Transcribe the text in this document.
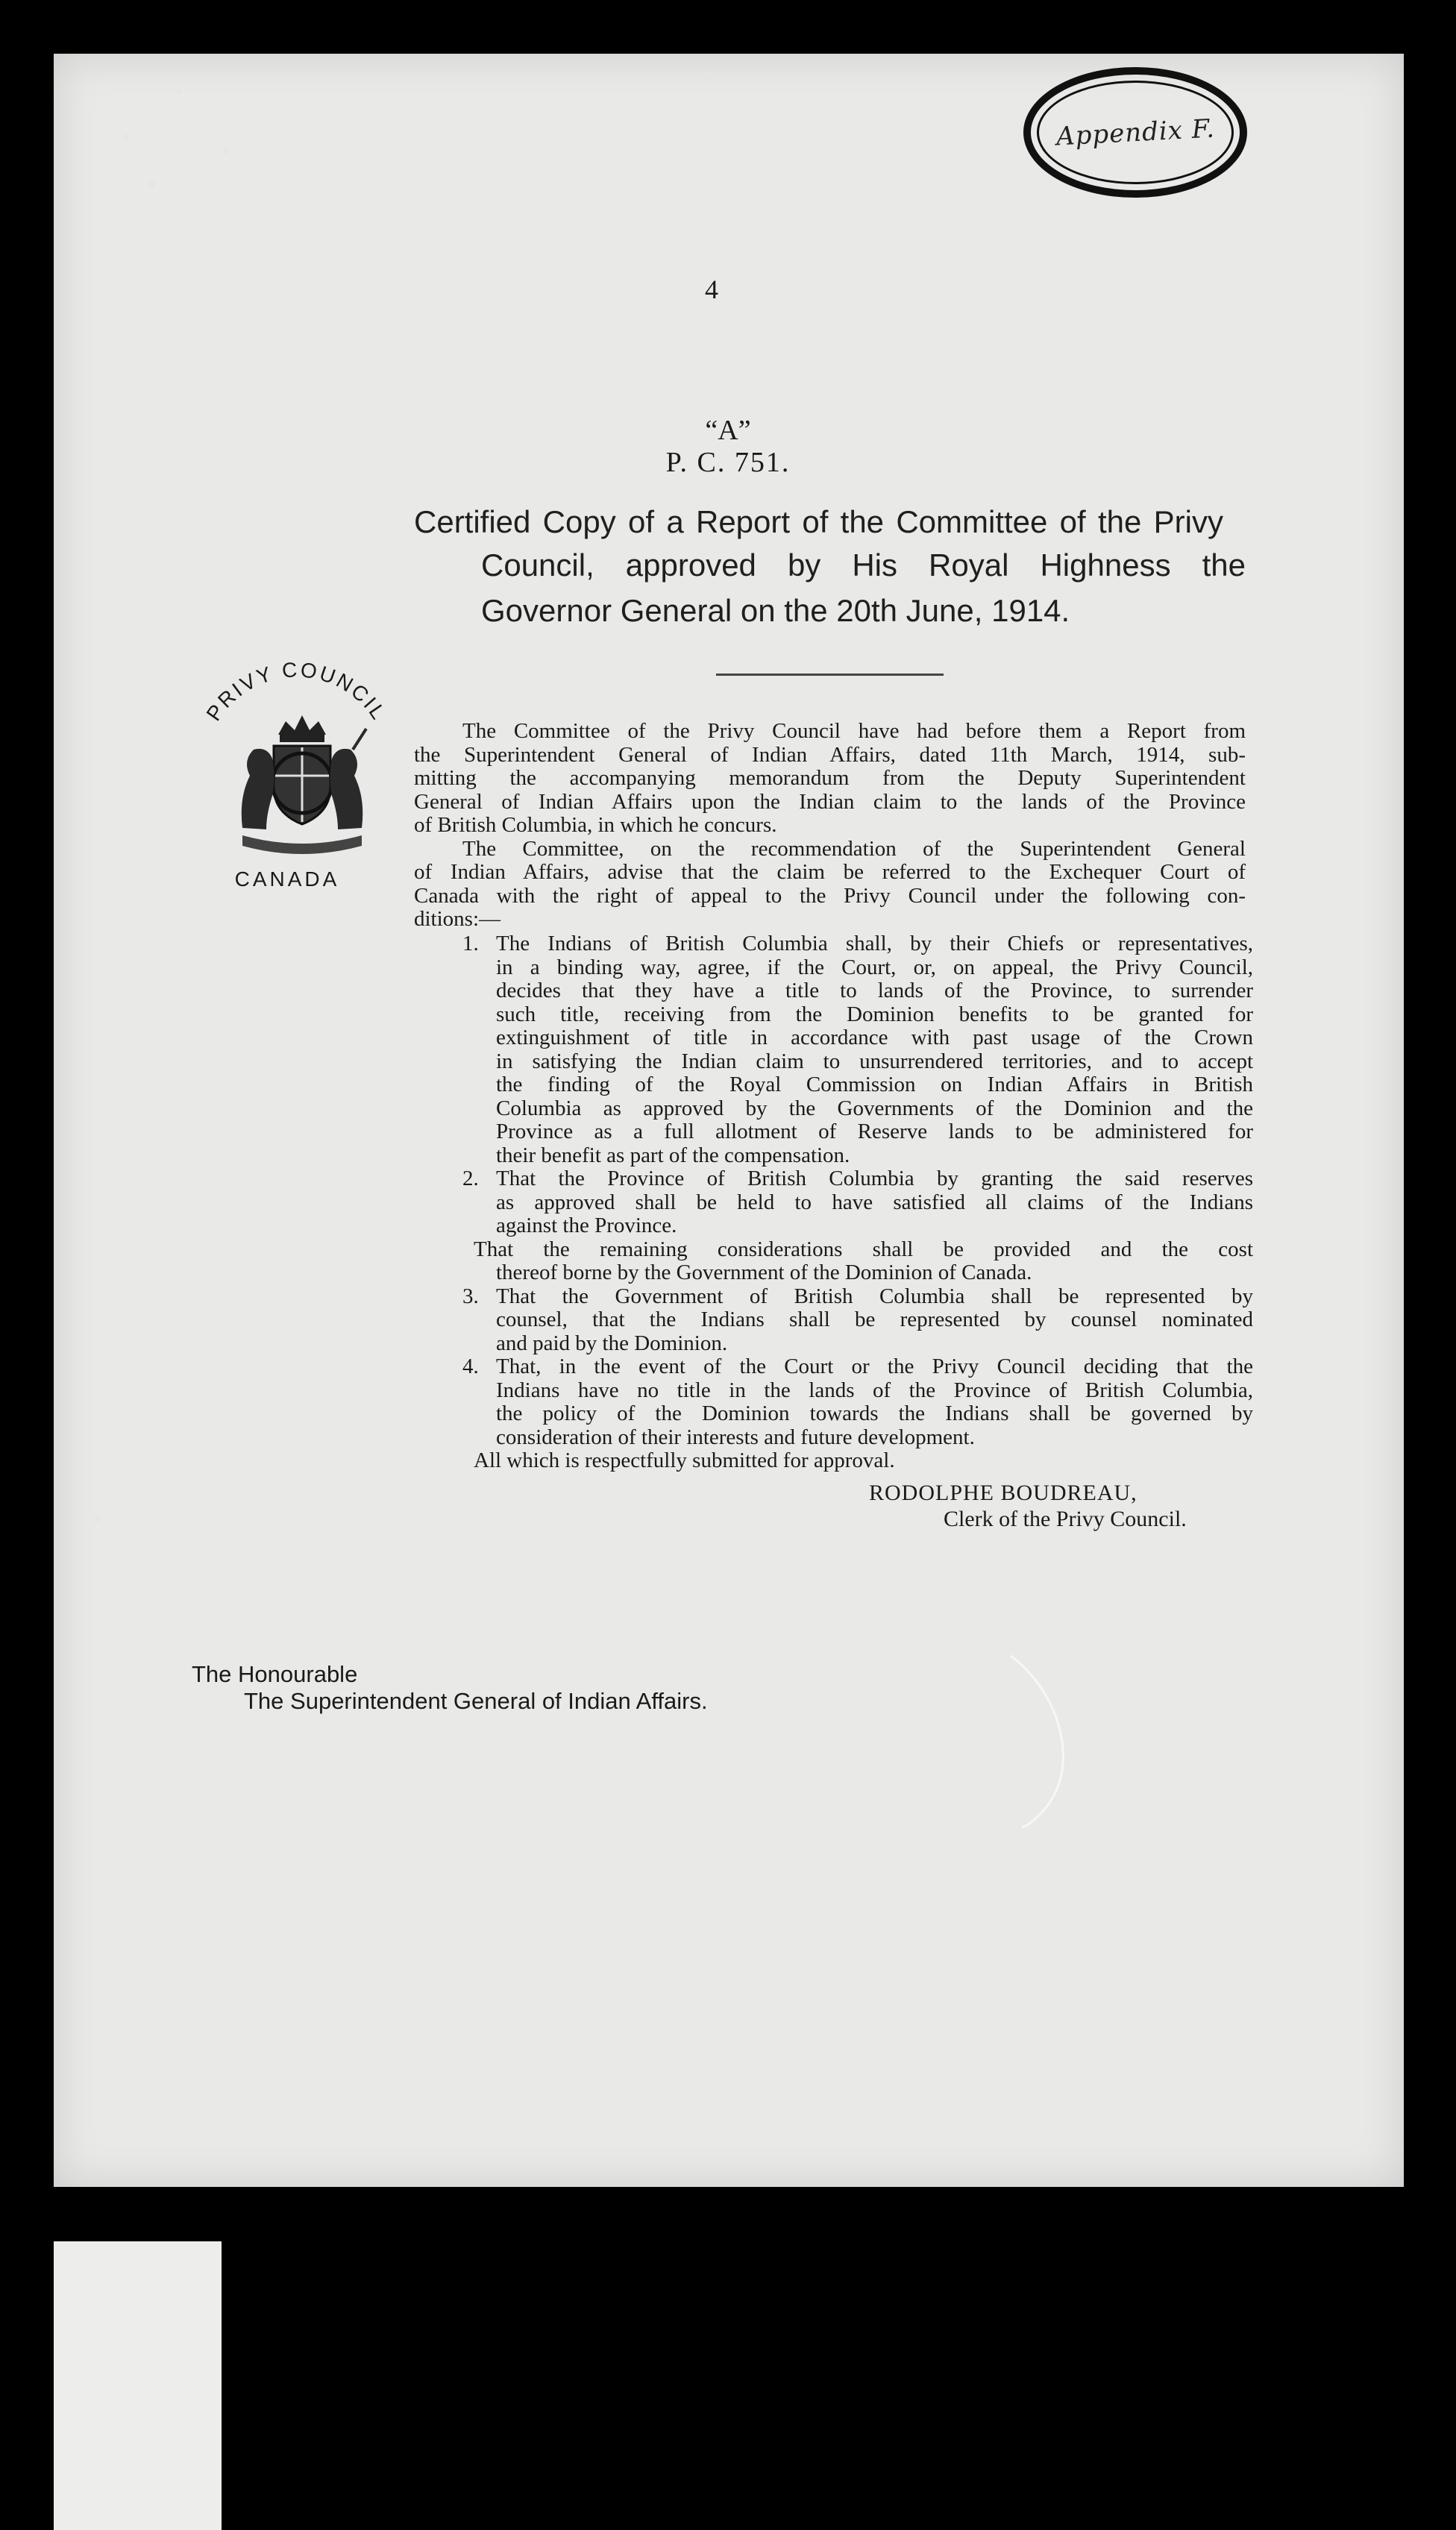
Appendix F.
4
“A”
P. C. 751.
Certified Copy of a Report of the Committee of the Privy
Council, approved by His Royal Highness the
Governor General on the 20th June, 1914.
PRIVY COUNCIL
CANADA
The Committee of the Privy Council have had before them a Report from
the Superintendent General of Indian Affairs, dated 11th March, 1914, sub-
mitting the accompanying memorandum from the Deputy Superintendent
General of Indian Affairs upon the Indian claim to the lands of the Province
of British Columbia, in which he concurs.
The Committee, on the recommendation of the Superintendent General
of Indian Affairs, advise that the claim be referred to the Exchequer Court of
Canada with the right of appeal to the Privy Council under the following con-
ditions:—
1. The Indians of British Columbia shall, by their Chiefs or representatives,
in a binding way, agree, if the Court, or, on appeal, the Privy Council,
decides that they have a title to lands of the Province, to surrender
such title, receiving from the Dominion benefits to be granted for
extinguishment of title in accordance with past usage of the Crown
in satisfying the Indian claim to unsurrendered territories, and to accept
the finding of the Royal Commission on Indian Affairs in British
Columbia as approved by the Governments of the Dominion and the
Province as a full allotment of Reserve lands to be administered for
their benefit as part of the compensation.
2. That the Province of British Columbia by granting the said reserves
as approved shall be held to have satisfied all claims of the Indians
against the Province.
That the remaining considerations shall be provided and the cost
thereof borne by the Government of the Dominion of Canada.
3. That the Government of British Columbia shall be represented by
counsel, that the Indians shall be represented by counsel nominated
and paid by the Dominion.
4. That, in the event of the Court or the Privy Council deciding that the
Indians have no title in the lands of the Province of British Columbia,
the policy of the Dominion towards the Indians shall be governed by
consideration of their interests and future development.
All which is respectfully submitted for approval.
RODOLPHE BOUDREAU,
Clerk of the Privy Council.
The Honourable
The Superintendent General of Indian Affairs.
